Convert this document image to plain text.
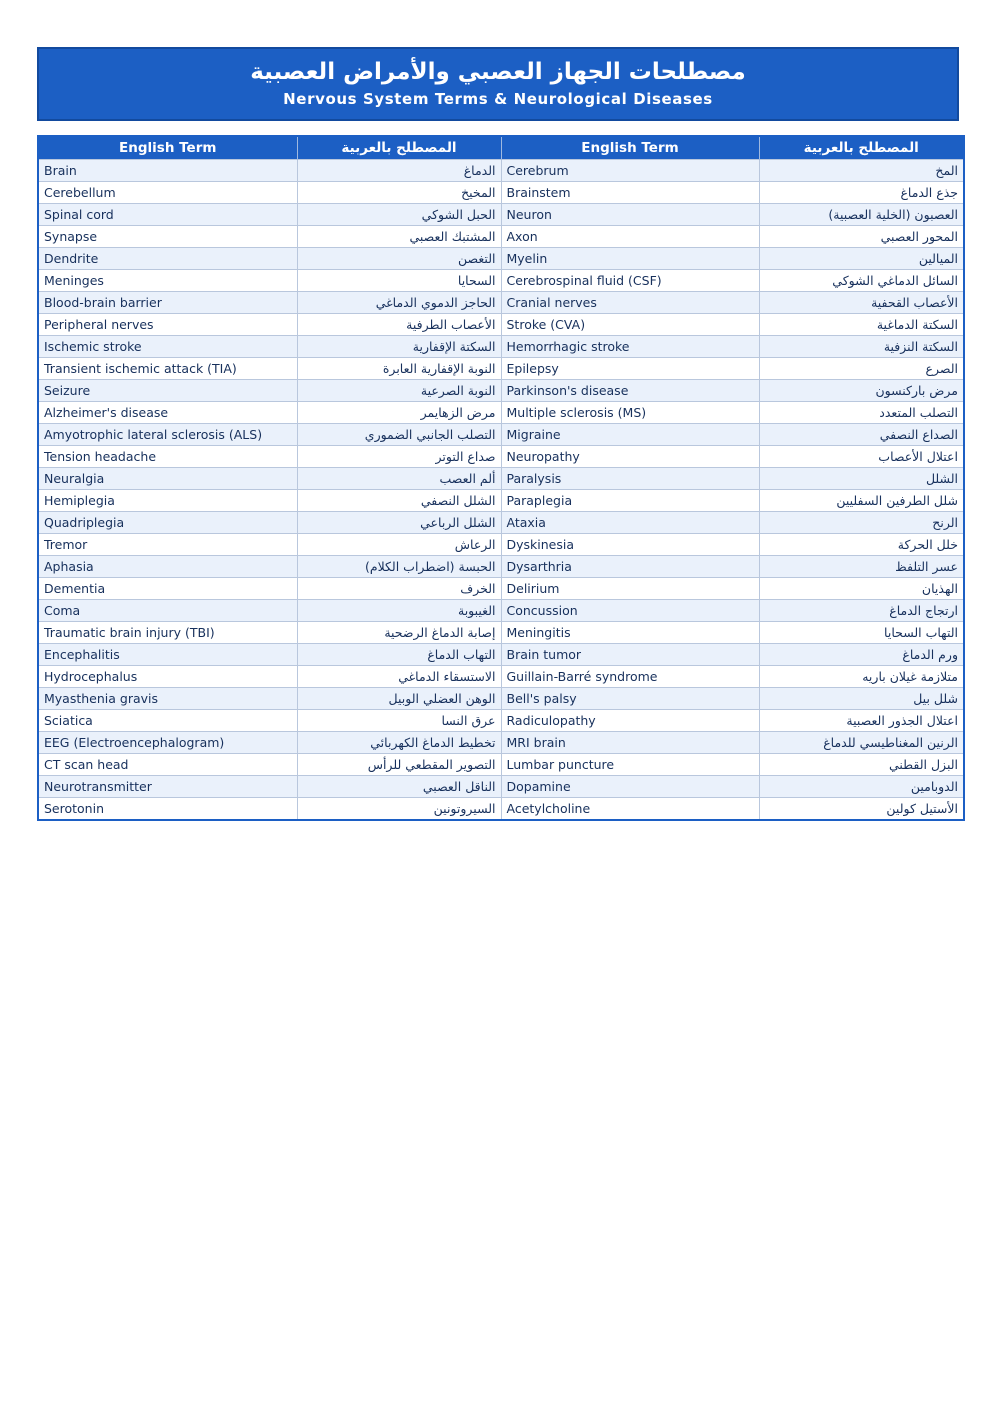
مصطلحات الجهاز العصبي والأمراض العصبية
Nervous System Terms & Neurological Diseases
English Term	المصطلح بالعربية	English Term	المصطلح بالعربية
Brain	الدماغ	Cerebrum	المخ
Cerebellum	المخيخ	Brainstem	جذع الدماغ
Spinal cord	الحبل الشوكي	Neuron	العصبون (الخلية العصبية)
Synapse	المشتبك العصبي	Axon	المحور العصبي
Dendrite	التغصن	Myelin	الميالين
Meninges	السحايا	Cerebrospinal fluid (CSF)	السائل الدماغي الشوكي
Blood-brain barrier	الحاجز الدموي الدماغي	Cranial nerves	الأعصاب القحفية
Peripheral nerves	الأعصاب الطرفية	Stroke (CVA)	السكتة الدماغية
Ischemic stroke	السكتة الإقفارية	Hemorrhagic stroke	السكتة النزفية
Transient ischemic attack (TIA)	النوبة الإقفارية العابرة	Epilepsy	الصرع
Seizure	النوبة الصرعية	Parkinson's disease	مرض باركنسون
Alzheimer's disease	مرض الزهايمر	Multiple sclerosis (MS)	التصلب المتعدد
Amyotrophic lateral sclerosis (ALS)	التصلب الجانبي الضموري	Migraine	الصداع النصفي
Tension headache	صداع التوتر	Neuropathy	اعتلال الأعصاب
Neuralgia	ألم العصب	Paralysis	الشلل
Hemiplegia	الشلل النصفي	Paraplegia	شلل الطرفين السفليين
Quadriplegia	الشلل الرباعي	Ataxia	الرنح
Tremor	الرعاش	Dyskinesia	خلل الحركة
Aphasia	الحبسة (اضطراب الكلام)	Dysarthria	عسر التلفظ
Dementia	الخرف	Delirium	الهذيان
Coma	الغيبوبة	Concussion	ارتجاج الدماغ
Traumatic brain injury (TBI)	إصابة الدماغ الرضحية	Meningitis	التهاب السحايا
Encephalitis	التهاب الدماغ	Brain tumor	ورم الدماغ
Hydrocephalus	الاستسقاء الدماغي	Guillain-Barré syndrome	متلازمة غيلان باريه
Myasthenia gravis	الوهن العضلي الوبيل	Bell's palsy	شلل بيل
Sciatica	عرق النسا	Radiculopathy	اعتلال الجذور العصبية
EEG (Electroencephalogram)	تخطيط الدماغ الكهربائي	MRI brain	الرنين المغناطيسي للدماغ
CT scan head	التصوير المقطعي للرأس	Lumbar puncture	البزل القطني
Neurotransmitter	الناقل العصبي	Dopamine	الدوبامين
Serotonin	السيروتونين	Acetylcholine	الأستيل كولين
